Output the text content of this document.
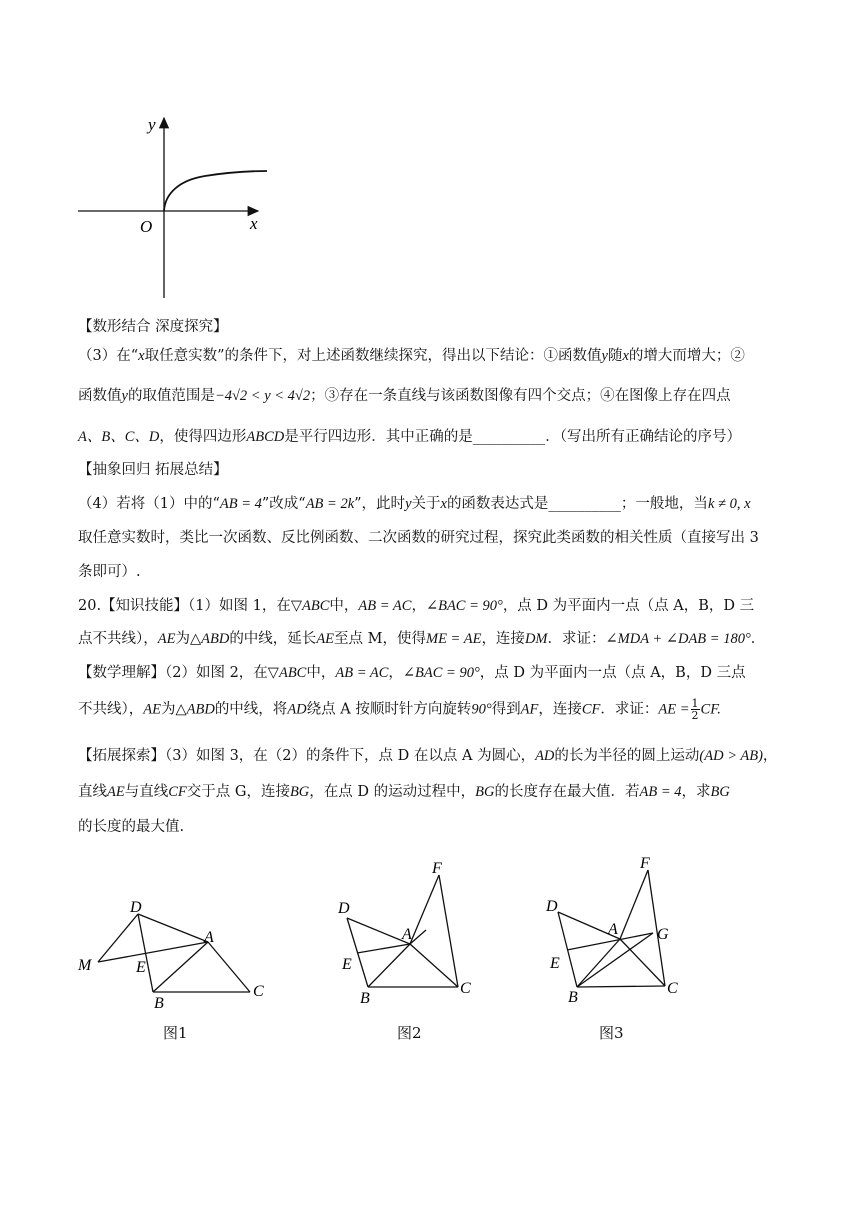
y
x
O
【数形结合 深度探究】
（3）在“x取任意实数”的条件下，对上述函数继续探究，得出以下结论：①函数值y随x的增大而增大；②
函数值y的取值范围是−4√2 < y < 4√2；③存在一条直线与该函数图像有四个交点；④在图像上存在四点
A、B、C、D，使得四边形ABCD是平行四边形．其中正确的是__________．（写出所有正确结论的序号）
【抽象回归 拓展总结】
（4）若将（1）中的“AB = 4”改成“AB = 2k”，此时y关于x的函数表达式是__________；一般地，当k ≠ 0, x
取任意实数时，类比一次函数、反比例函数、二次函数的研究过程，探究此类函数的相关性质（直接写出 3
条即可）.
20.【知识技能】（1）如图 1，在▽ABC中，AB = AC，∠BAC = 90°，点 D 为平面内一点（点 A，B，D 三
点不共线），AE为△ABD的中线，延长AE至点 M，使得ME = AE，连接DM．求证：∠MDA + ∠DAB = 180°．
【数学理解】（2）如图 2，在▽ABC中，AB = AC，∠BAC = 90°，点 D 为平面内一点（点 A，B，D 三点
不共线），AE为△ABD的中线，将AD绕点 A 按顺时针方向旋转90°得到AF，连接CF．求证：AE = $\frac{1}{2}$ CF.
【拓展探索】（3）如图 3，在（2）的条件下，点 D 在以点 A 为圆心，AD的长为半径的圆上运动(AD > AB)，
直线AE与直线CF交于点 G，连接BG，在点 D 的运动过程中，BG的长度存在最大值．若AB = 4，求BG
的长度的最大值.
D
A
M	E
B
C
图1
F
D
A
E
B
C
图2
F
D
A G
E
B
C
图3
